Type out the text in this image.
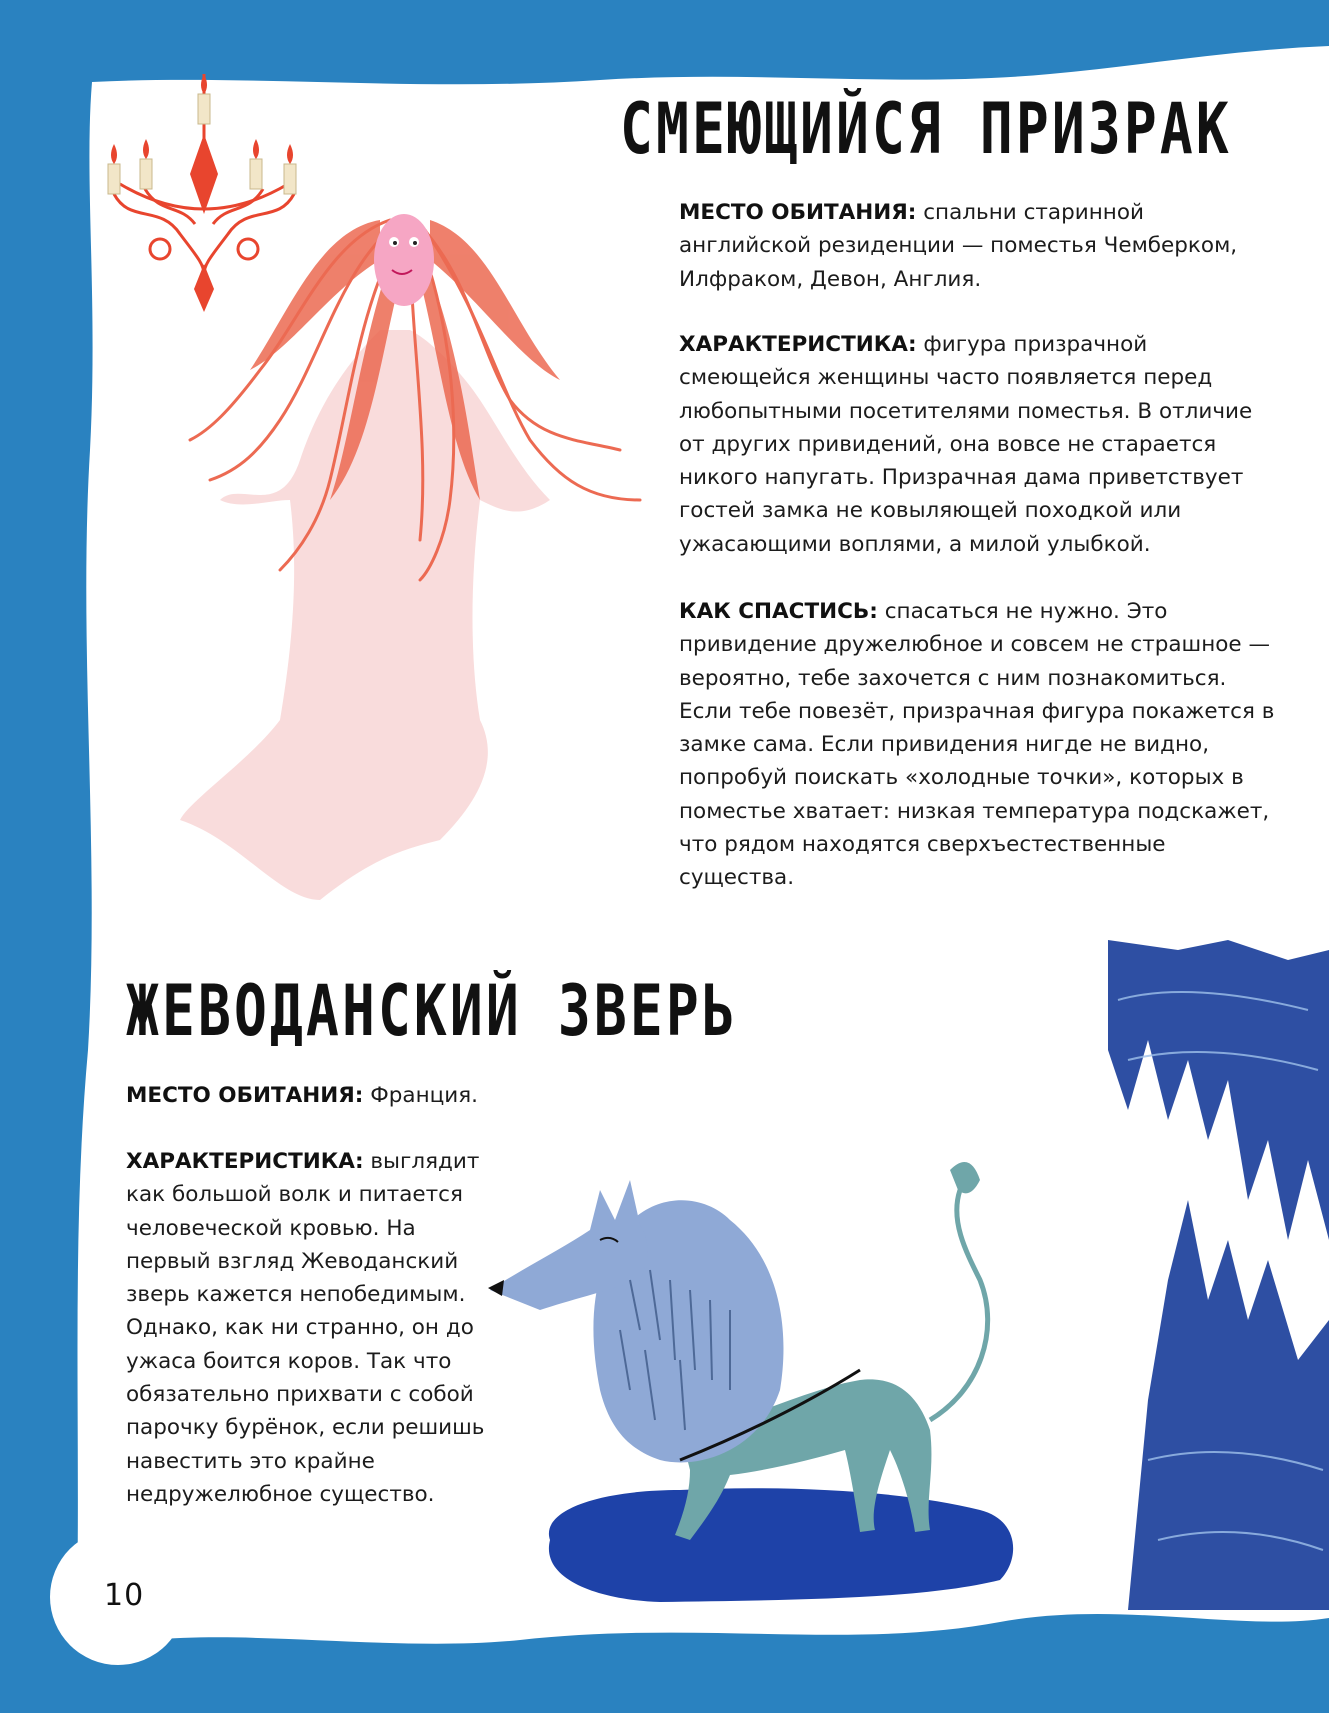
СМЕЮЩИЙСЯ ПРИЗРАК
ЖЕВОДАНСКИЙ ЗВЕРЬ

МЕСТО ОБИТАНИЯ: спальни старинной английской резиденции — поместья Чемберком, Илфраком, Девон, Англия.

ХАРАКТЕРИСТИКА: фигура призрачной смеющейся женщины часто появляется перед любопытными посетителями поместья. В отличие от других привидений, она вовсе не старается никого напугать. Призрачная дама приветствует гостей замка не ковыляющей походкой или ужасающими воплями, а милой улыбкой.

КАК СПАСТИСЬ: спасаться не нужно. Это привидение дружелюбное и совсем не страшное — вероятно, тебе захочется с ним познакомиться. Если тебе повезёт, призрачная фигура покажется в замке сама. Если привидения нигде не видно, попробуй поискать «холодные точки», которых в поместье хватает: низкая температура подскажет, что рядом находятся сверхъестественные существа.

МЕСТО ОБИТАНИЯ: Франция.

ХАРАКТЕРИСТИКА: выглядит как большой волк и питается человеческой кровью. На первый взгляд Жеводанский зверь кажется непобедимым. Однако, как ни странно, он до ужаса боится коров. Так что обязательно прихвати с собой парочку бурёнок, если решишь навестить это крайне недружелюбное существо.

10
